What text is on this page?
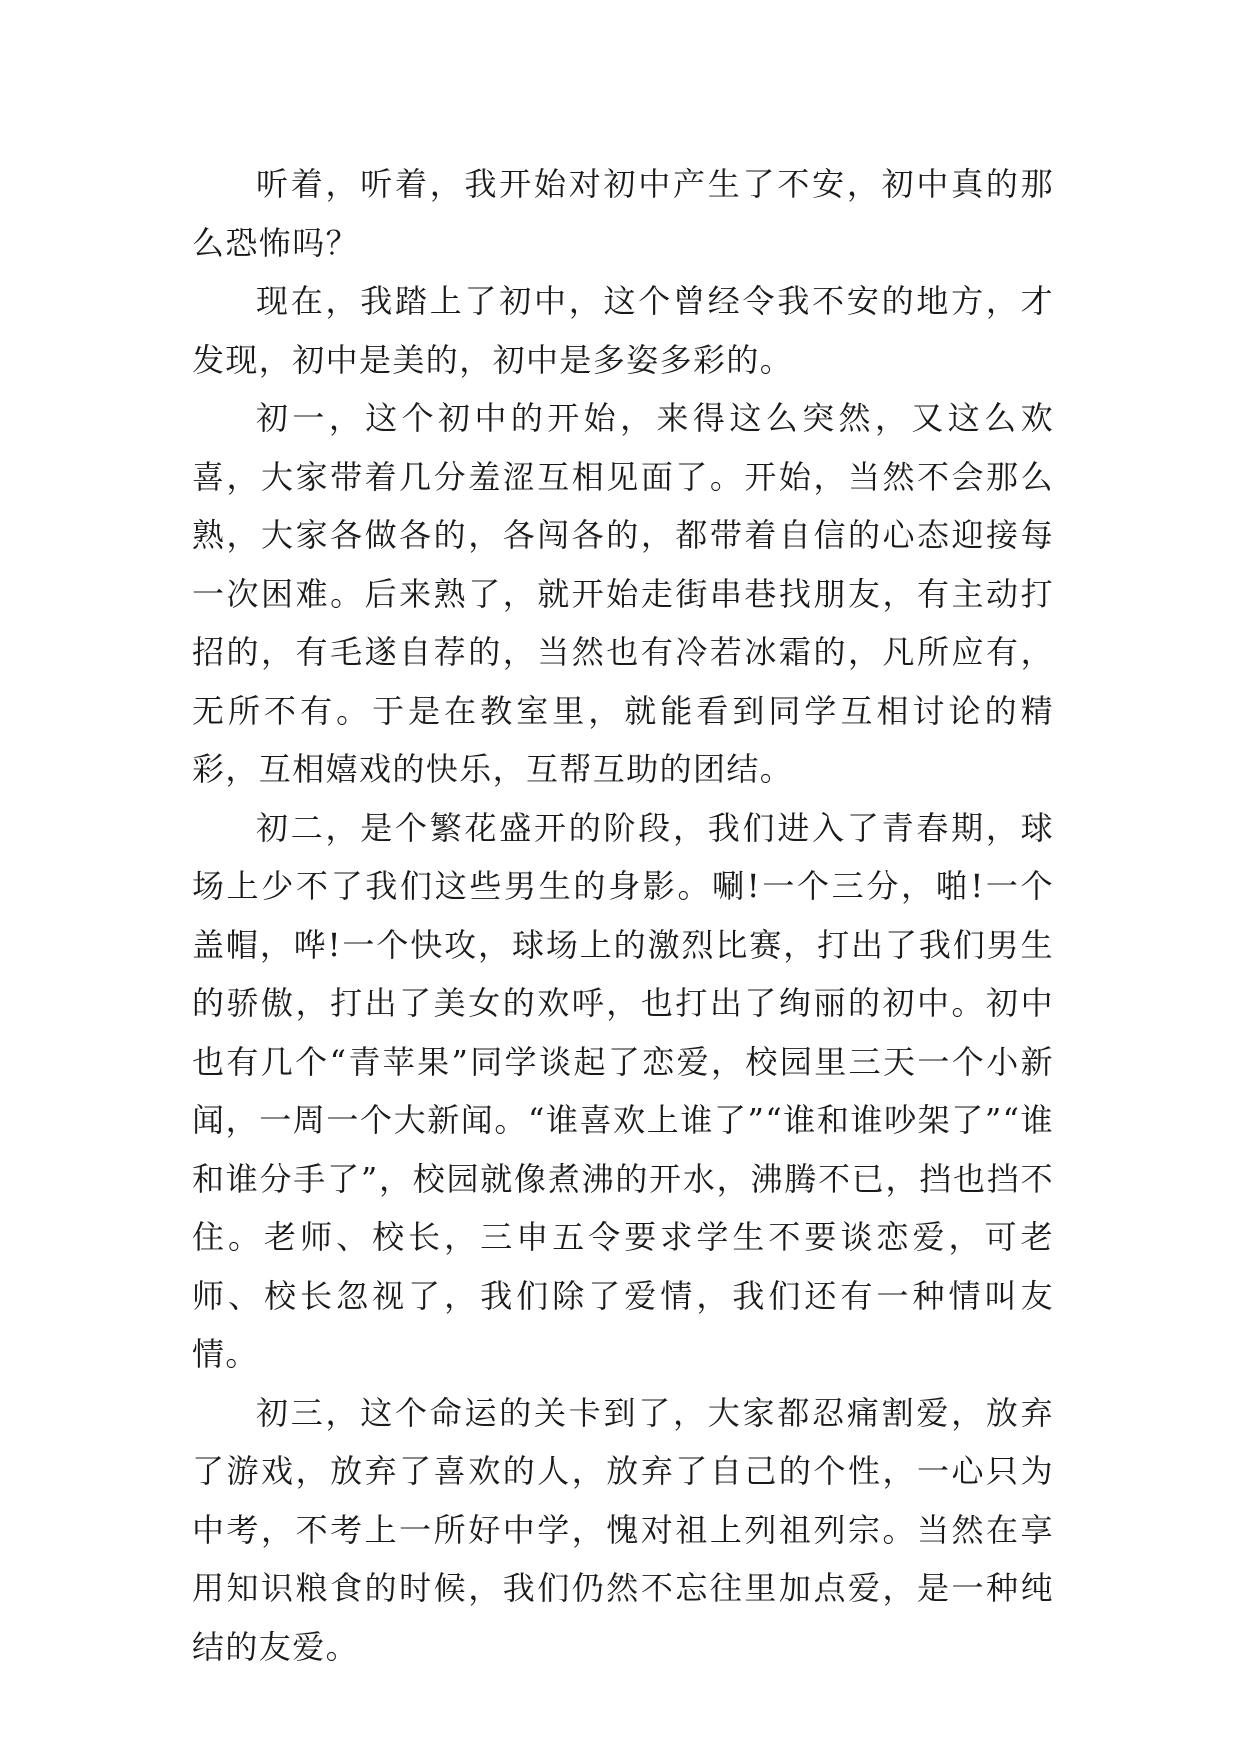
听着，听着，我开始对初中产生了不安，初中真的那么恐怖吗？

现在，我踏上了初中，这个曾经令我不安的地方，才发现，初中是美的，初中是多姿多彩的。

初一，这个初中的开始，来得这么突然，又这么欢喜，大家带着几分羞涩互相见面了。开始，当然不会那么熟，大家各做各的，各闯各的，都带着自信的心态迎接每一次困难。后来熟了，就开始走街串巷找朋友，有主动打招的，有毛遂自荐的，当然也有冷若冰霜的，凡所应有，无所不有。于是在教室里，就能看到同学互相讨论的精彩，互相嬉戏的快乐，互帮互助的团结。

初二，是个繁花盛开的阶段，我们进入了青春期，球场上少不了我们这些男生的身影。唰!一个三分，啪!一个盖帽，哗!一个快攻，球场上的激烈比赛，打出了我们男生的骄傲，打出了美女的欢呼，也打出了绚丽的初中。初中也有几个“青苹果”同学谈起了恋爱，校园里三天一个小新闻，一周一个大新闻。“谁喜欢上谁了”“谁和谁吵架了”“谁和谁分手了”，校园就像煮沸的开水，沸腾不已，挡也挡不住。老师、校长，三申五令要求学生不要谈恋爱，可老师、校长忽视了，我们除了爱情，我们还有一种情叫友情。

初三，这个命运的关卡到了，大家都忍痛割爱，放弃了游戏，放弃了喜欢的人，放弃了自己的个性，一心只为中考，不考上一所好中学，愧对祖上列祖列宗。当然在享用知识粮食的时候，我们仍然不忘往里加点爱，是一种纯结的友爱。
